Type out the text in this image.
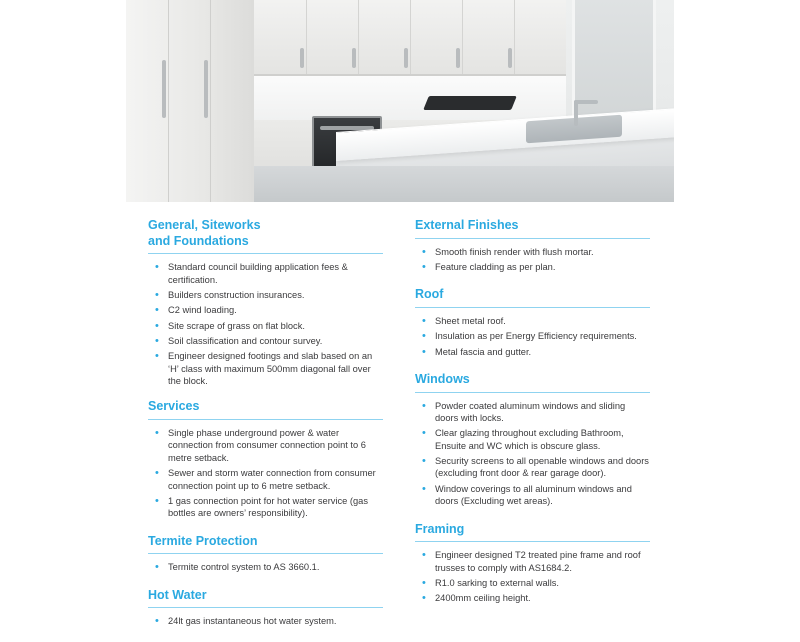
General, Siteworks
and Foundations
• Standard council building application fees & certification.
• Builders construction insurances.
• C2 wind loading.
• Site scrape of grass on flat block.
• Soil classification and contour survey.
• Engineer designed footings and slab based on an ‘H’ class with maximum 500mm diagonal fall over the block.
Services
• Single phase underground power & water connection from consumer connection point to 6 metre setback.
• Sewer and storm water connection from consumer connection point up to 6 metre setback.
• 1 gas connection point for hot water service (gas bottles are owners’ responsibility).
Termite Protection
• Termite control system to AS 3660.1.
Hot Water
• 24lt gas instantaneous hot water system.
External Finishes
• Smooth finish render with flush mortar.
• Feature cladding as per plan.
Roof
• Sheet metal roof.
• Insulation as per Energy Efficiency requirements.
• Metal fascia and gutter.
Windows
• Powder coated aluminum windows and sliding doors with locks.
• Clear glazing throughout excluding Bathroom, Ensuite and WC which is obscure glass.
• Security screens to all openable windows and doors (excluding front door & rear garage door).
• Window coverings to all aluminum windows and doors (Excluding wet areas).
Framing
• Engineer designed T2 treated pine frame and roof trusses to comply with AS1684.2.
• R1.0 sarking to external walls.
• 2400mm ceiling height.
